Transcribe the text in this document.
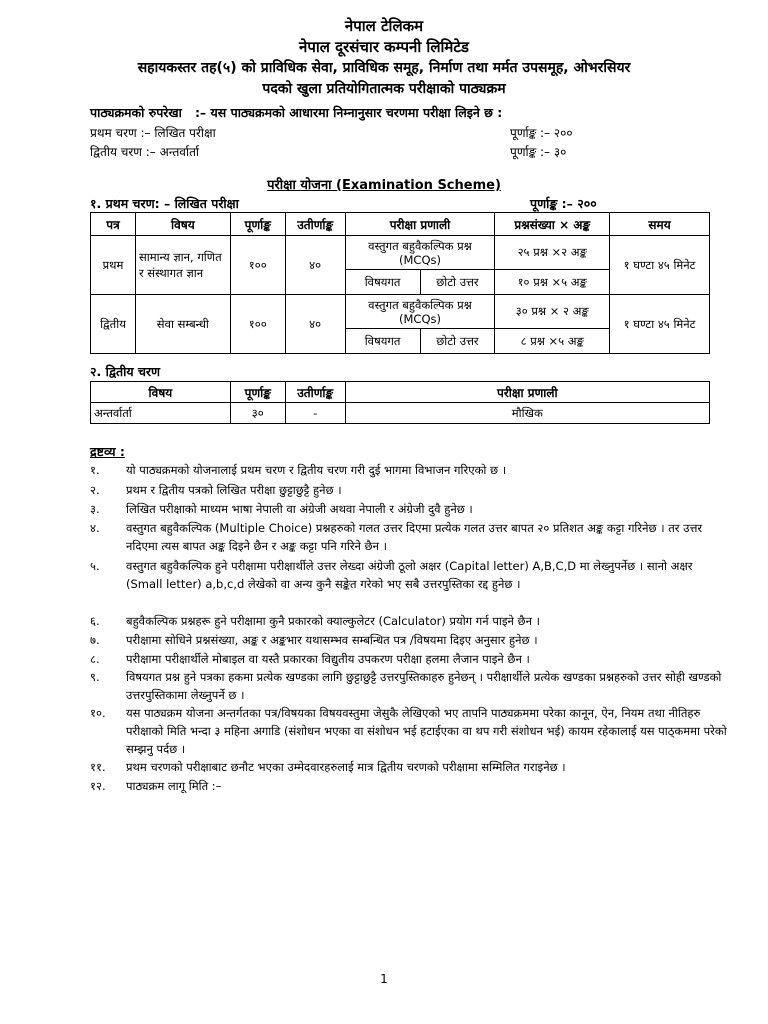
नेपाल टेलिकम
नेपाल दूरसंचार कम्पनी लिमिटेड
सहायकस्तर तह(५) को प्राविधिक सेवा, प्राविधिक समूह, निर्माण तथा मर्मत उपसमूह, ओभरसियर
पदको खुला प्रतियोगितात्मक परीक्षाको पाठ्यक्रम
पाठ्यक्रमको रुपरेखा :– यस पाठ्यक्रमको आधारमा निम्नानुसार चरणमा परीक्षा लिइने छ :
प्रथम चरण :– लिखित परीक्षा	पूर्णाङ्क :– २००
द्वितीय चरण :– अन्तर्वार्ता	पूर्णाङ्क :– ३०
परीक्षा योजना (Examination Scheme)
१. प्रथम चरण: – लिखित परीक्षा	पूर्णाङ्क :– २००
पत्र	विषय	पूर्णाङ्क	उतीर्णाङ्क	परीक्षा प्रणाली		प्रश्नसंख्या × अङ्क	समय
प्रथम	सामान्य ज्ञान, गणित र संस्थागत ज्ञान	१००	४०	वस्तुगत बहुवैकल्पिक प्रश्न (MCQs)		२५ प्रश्न ×२ अङ्क	१ घण्टा ४५ मिनेट
				विषयगत	छोटो उत्तर	१० प्रश्न ×५ अङ्क	
द्वितीय	सेवा सम्बन्धी	१००	४०	वस्तुगत बहुवैकल्पिक प्रश्न (MCQs)		३० प्रश्न × २ अङ्क	१ घण्टा ४५ मिनेट
				विषयगत	छोटो उत्तर	८ प्रश्न ×५ अङ्क	
२. द्वितीय चरण
विषय	पूर्णाङ्क	उतीर्णाङ्क	परीक्षा प्रणाली
अन्तर्वार्ता	३०	-	मौखिक
द्रष्टव्य :
१.	यो पाठ्यक्रमको योजनालाई प्रथम चरण र द्वितीय चरण गरी दुई भागमा विभाजन गरिएको छ ।
२.	प्रथम र द्वितीय पत्रको लिखित परीक्षा छुट्टाछुट्टै हुनेछ ।
३.	लिखित परीक्षाको माध्यम भाषा नेपाली वा अंग्रेजी अथवा नेपाली र अंग्रेजी दुवै हुनेछ ।
४.	वस्तुगत बहुवैकल्पिक (Multiple Choice) प्रश्नहरुको गलत उत्तर दिएमा प्रत्येक गलत उत्तर बापत २० प्रतिशत अङ्क कट्टा गरिनेछ । तर उत्तर नदिएमा त्यस बापत अङ्क दिइने छैन र अङ्क कट्टा पनि गरिने छैन ।
५.	वस्तुगत बहुवैकल्पिक हुने परीक्षामा परीक्षार्थीले उत्तर लेख्दा अंग्रेजी ठूलो अक्षर (Capital letter) A,B,C,D मा लेख्नुपर्नेछ । सानो अक्षर (Small letter) a,b,c,d लेखेको वा अन्य कुनै सङ्केत गरेको भए सबै उत्तरपुस्तिका रद्द हुनेछ ।
६.	बहुवैकल्पिक प्रश्नहरू हुने परीक्षामा कुनै प्रकारको क्याल्कुलेटर (Calculator) प्रयोग गर्न पाइने छैन ।
७.	परीक्षामा सोधिने प्रश्नसंख्या, अङ्क र अङ्कभार यथासम्भव सम्बन्धित पत्र /विषयमा दिइए अनुसार हुनेछ ।
८.	परीक्षामा परीक्षार्थीले मोबाइल वा यस्तै प्रकारका विद्युतीय उपकरण परीक्षा हलमा लैजान पाइने छैन ।
९.	विषयगत प्रश्न हुने पत्रका हकमा प्रत्येक खण्डका लागि छुट्टाछुट्टै उत्तरपुस्तिकाहरु हुनेछन् । परीक्षार्थीले प्रत्येक खण्डका प्रश्नहरुको उत्तर सोही खण्डको उत्तरपुस्तिकामा लेख्नुपर्ने छ ।
१०.	यस पाठ्यक्रम योजना अन्तर्गतका पत्र/विषयका विषयवस्तुमा जेसुकै लेखिएको भए तापनि पाठ्यक्रममा परेका कानून, ऐन, नियम तथा नीतिहरु परीक्षाको मिति भन्दा ३ महिना अगाडि (संशोधन भएका वा संशोधन भई हटाईएका वा थप गरी संशोधन भई) कायम रहेकालाई यस पाठ्कममा परेको सम्झनु पर्दछ ।
११.	प्रथम चरणको परीक्षाबाट छनौट भएका उम्मेदवारहरुलाई मात्र द्वितीय चरणको परीक्षामा सम्मिलित गराइनेछ ।
१२.	पाठ्यक्रम लागू मिति :–
1
